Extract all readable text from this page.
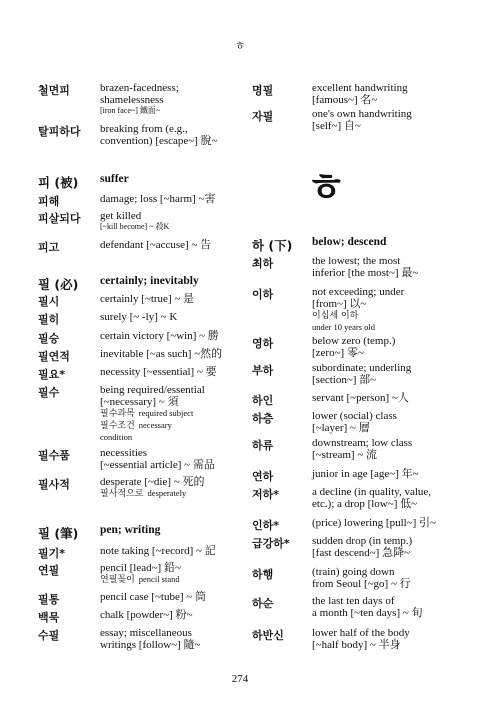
ㅎ
철면피	brazen-facedness;
shamelessness
[iron face~] 鐵面~
탈피하다 breaking from (e.g.,
convention) [escape~] 脫~
피 (被) suffer
피해	damage; loss [~harm] ~害
피살되다 get killed
[~kill become] ~ 殺K
피고	defendant [~accuse] ~ 告
필 (必) certainly; inevitably
필시	certainly [~true] ~ 是
필히	surely [~ -ly] ~ K
필승	certain victory [~win] ~ 勝
필연적	inevitable [~as such] ~然的
필요*	necessity [~essential] ~ 要
필수	being required/essential
[~necessary] ~ 須
필수과목 required subject
필수조건 necessary
condition
필수품	necessities
[~essential article] ~ 需品
필사적	desperate [~die] ~ 死的
필사적으로 desperately
필 (筆) pen; writing
필기*	note taking [~record] ~ 記
연필	pencil [lead~] 鉛~
연필꽂이 pencil stand
필통	pencil case [~tube] ~ 筒
백묵	chalk [powder~] 粉~
수필	essay; miscellaneous
writings [follow~] 隨~
명필	excellent handwriting
[famous~] 名~
자필	one's own handwriting
[self~] 自~
하 (下) below; descend
최하	the lowest; the most
inferior [the most~] 最~
이하	not exceeding; under
[from~] 以~
이십세 이하
under 10 years old
영하	below zero (temp.)
[zero~] 零~
부하	subordinate; underling
[section~] 部~
하인	servant [~person] ~人
하층	lower (social) class
[~layer] ~ 層
하류	downstream; low class
[~stream] ~ 流
연하	junior in age [age~] 年~
저하*	a decline (in quality, value,
etc.); a drop [low~] 低~
인하*	(price) lowering [pull~] 引~
급강하* sudden drop (in temp.)
[fast descend~] 急降~
하행	(train) going down
from Seoul [~go] ~ 行
하순	the last ten days of
a month [~ten days] ~ 旬
하반신	lower half of the body
[~half body] ~ 半身
ㅎ
274
